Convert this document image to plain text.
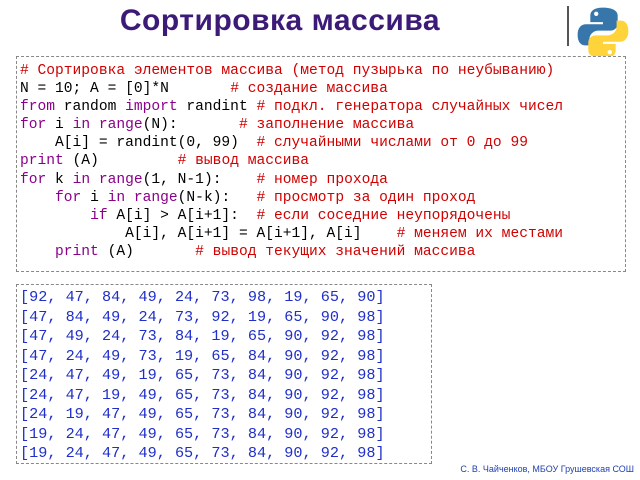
Сортировка массива
# Сортировка элементов массива (метод пузырька по неубыванию)
N = 10; A = [0]*N       # создание массива
from random import randint # подкл. генератора случайных чисел
for i in range(N):       # заполнение массива
A[i] = randint(0, 99)  # случайными числами от 0 до 99
print (A)         # вывод массива
for k in range(1, N-1):    # номер прохода
for i in range(N-k):   # просмотр за один проход
if A[i] > A[i+1]:  # если соседние неупорядочены
A[i], A[i+1] = A[i+1], A[i]    # меняем их местами
print (A)       # вывод текущих значений массива
[92, 47, 84, 49, 24, 73, 98, 19, 65, 90]
[47, 84, 49, 24, 73, 92, 19, 65, 90, 98]
[47, 49, 24, 73, 84, 19, 65, 90, 92, 98]
[47, 24, 49, 73, 19, 65, 84, 90, 92, 98]
[24, 47, 49, 19, 65, 73, 84, 90, 92, 98]
[24, 47, 19, 49, 65, 73, 84, 90, 92, 98]
[24, 19, 47, 49, 65, 73, 84, 90, 92, 98]
[19, 24, 47, 49, 65, 73, 84, 90, 92, 98]
[19, 24, 47, 49, 65, 73, 84, 90, 92, 98]
С. В. Чайченков, МБОУ Грушевская СОШ
